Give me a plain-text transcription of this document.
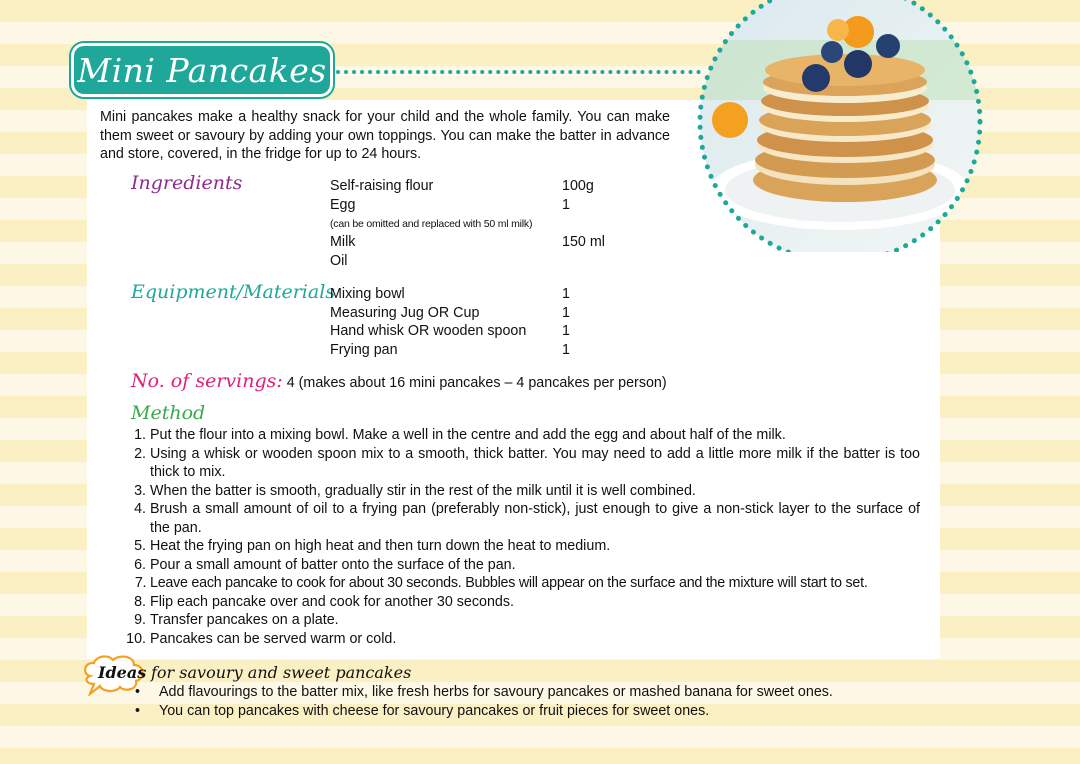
Mini Pancakes
Mini pancakes make a healthy snack for your child and the whole family. You can make them sweet or savoury by adding your own toppings. You can make the batter in advance and store, covered, in the fridge for up to 24 hours.
Ingredients	Self-raising flour	100g
Egg	1
(can be omitted and replaced with 50 ml milk)
Milk	150 ml
Oil
Equipment/Materials
Mixing bowl	1
Measuring Jug OR Cup	1
Hand whisk OR wooden spoon 1
Frying pan	1
No. of servings: 4 (makes about 16 mini pancakes – 4 pancakes per person)
Method
1. Put the flour into a mixing bowl. Make a well in the centre and add the egg and about half of the milk.
2. Using a whisk or wooden spoon mix to a smooth, thick batter. You may need to add a little more milk if the batter is too thick to mix.
3. When the batter is smooth, gradually stir in the rest of the milk until it is well combined.
4. Brush a small amount of oil to a frying pan (preferably non-stick), just enough to give a non-stick layer to the surface of the pan.
5. Heat the frying pan on high heat and then turn down the heat to medium.
6. Pour a small amount of batter onto the surface of the pan.
7. Leave each pancake to cook for about 30 seconds. Bubbles will appear on the surface and the mixture will start to set.
8. Flip each pancake over and cook for another 30 seconds.
9. Transfer pancakes on a plate.
10. Pancakes can be served warm or cold.
Ideas for savoury and sweet pancakes
• Add flavourings to the batter mix, like fresh herbs for savoury pancakes or mashed banana for sweet ones.
• You can top pancakes with cheese for savoury pancakes or fruit pieces for sweet ones.
